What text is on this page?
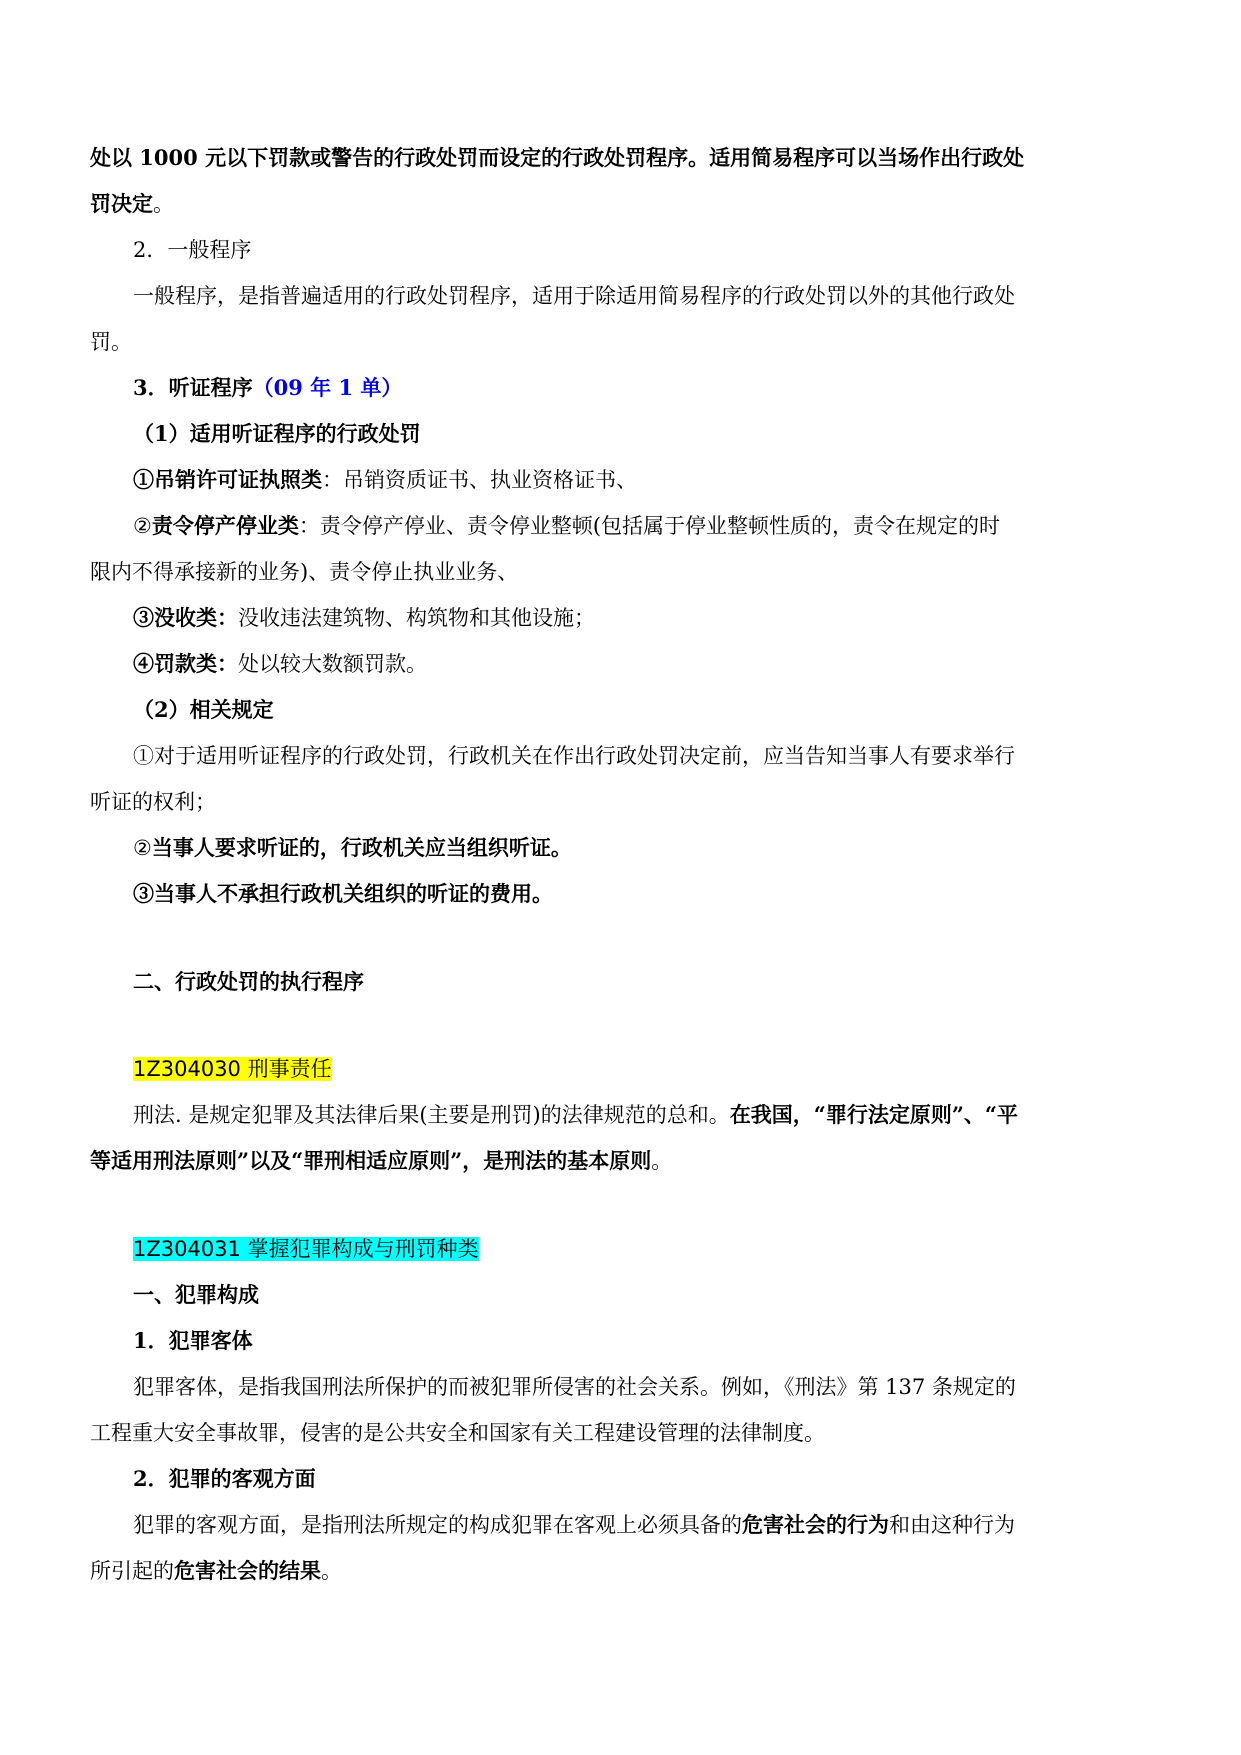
处以 1000 元以下罚款或警告的行政处罚而设定的行政处罚程序。适用简易程序可以当场作出行政处
罚决定。
2．一般程序
一般程序，是指普遍适用的行政处罚程序，适用于除适用简易程序的行政处罚以外的其他行政处
罚。
3．听证程序（09 年 1 单）
（1）适用听证程序的行政处罚
①吊销许可证执照类：吊销资质证书、执业资格证书、
②责令停产停业类：责令停产停业、责令停业整顿(包括属于停业整顿性质的，责令在规定的时
限内不得承接新的业务)、责令停止执业业务、
③没收类：没收违法建筑物、构筑物和其他设施；
④罚款类：处以较大数额罚款。
（2）相关规定
①对于适用听证程序的行政处罚，行政机关在作出行政处罚决定前，应当告知当事人有要求举行
听证的权利；
②当事人要求听证的，行政机关应当组织听证。
③当事人不承担行政机关组织的听证的费用。
二、行政处罚的执行程序
1Z304030 刑事责任
刑法. 是规定犯罪及其法律后果(主要是刑罚)的法律规范的总和。在我国，“罪行法定原则”、“平
等适用刑法原则”以及“罪刑相适应原则”，是刑法的基本原则。
1Z304031 掌握犯罪构成与刑罚种类
一、犯罪构成
1．犯罪客体
犯罪客体，是指我国刑法所保护的而被犯罪所侵害的社会关系。例如，《刑法》第 137 条规定的
工程重大安全事故罪，侵害的是公共安全和国家有关工程建设管理的法律制度。
2．犯罪的客观方面
犯罪的客观方面，是指刑法所规定的构成犯罪在客观上必须具备的危害社会的行为和由这种行为
所引起的危害社会的结果。
